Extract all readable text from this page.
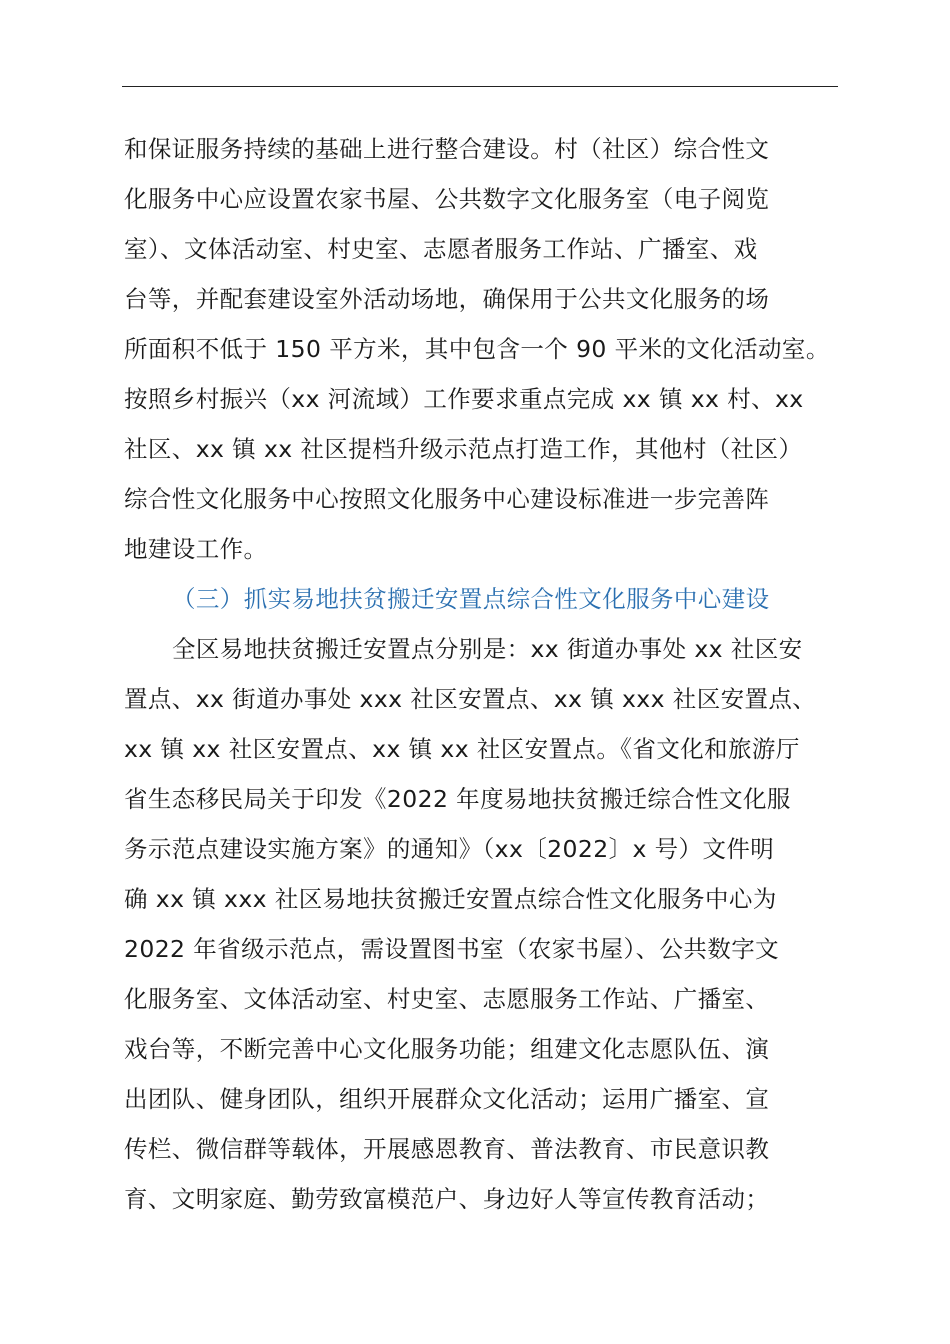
和保证服务持续的基础上进行整合建设。村（社区）综合性文
化服务中心应设置农家书屋、公共数字文化服务室（电子阅览
室）、文体活动室、村史室、志愿者服务工作站、广播室、戏
台等，并配套建设室外活动场地，确保用于公共文化服务的场
所面积不低于 150 平方米，其中包含一个 90 平米的文化活动室。
按照乡村振兴（xx 河流域）工作要求重点完成 xx 镇 xx 村、xx
社区、xx 镇 xx 社区提档升级示范点打造工作，其他村（社区）
综合性文化服务中心按照文化服务中心建设标准进一步完善阵
地建设工作。
（三）抓实易地扶贫搬迁安置点综合性文化服务中心建设
全区易地扶贫搬迁安置点分别是：xx 街道办事处 xx 社区安
置点、xx 街道办事处 xxx 社区安置点、xx 镇 xxx 社区安置点、
xx 镇 xx 社区安置点、xx 镇 xx 社区安置点。《省文化和旅游厅
省生态移民局关于印发《2022 年度易地扶贫搬迁综合性文化服
务示范点建设实施方案》的通知》（xx〔2022〕x 号）文件明
确 xx 镇 xxx 社区易地扶贫搬迁安置点综合性文化服务中心为
2022 年省级示范点，需设置图书室（农家书屋）、公共数字文
化服务室、文体活动室、村史室、志愿服务工作站、广播室、
戏台等，不断完善中心文化服务功能；组建文化志愿队伍、演
出团队、健身团队，组织开展群众文化活动；运用广播室、宣
传栏、微信群等载体，开展感恩教育、普法教育、市民意识教
育、文明家庭、勤劳致富模范户、身边好人等宣传教育活动；
